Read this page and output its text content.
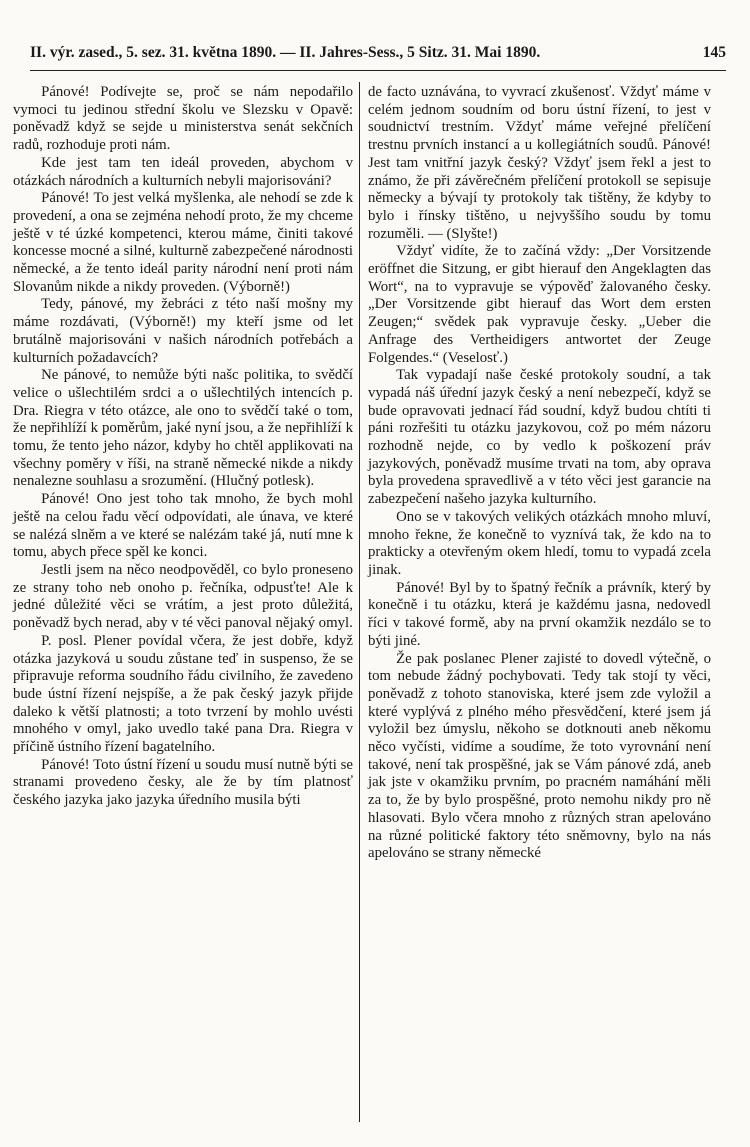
II. výr. zased., 5. sez. 31. května 1890. — II. Jahres-Sess., 5 Sitz. 31. Mai 1890.	145

Pánové! Podívejte se, proč se nám nepodařilo vymoci tu jedinou střední školu ve Slezsku v Opavě: poněvadž když se sejde u ministerstva senát sekčních radů, rozhoduje proti nám.

Kde jest tam ten ideál proveden, abychom v otázkách národních a kulturních nebyli majorisováni?

Pánové! To jest velká myšlenka, ale nehodí se zde k provedení, a ona se zejména nehodí proto, že my chceme ještě v té úzké kompetenci, kterou máme, činiti takové koncesse mocné a silné, kulturně zabezpečené národnosti německé, a že tento ideál parity národní není proti nám Slovanům nikde a nikdy proveden. (Výborně!)

Tedy, pánové, my žebráci z této naší mošny my máme rozdávati, (Výborně!) my kteří jsme od let brutálně majorisováni v našich národních potřebách a kulturních požadavcích?

Ne pánové, to nemůže býti našc politika, to svědčí velice o ušlechtilém srdci a o ušlechtilých intencích p. Dra. Riegra v této otázce, ale ono to svědčí také o tom, že nepřihlíží k poměrům, jaké nyní jsou, a že nepřihlíží k tomu, že tento jeho názor, kdyby ho chtěl applikovati na všechny poměry v říši, na straně německé nikde a nikdy nenalezne souhlasu a srozumění. (Hlučný potlesk).

Pánové! Ono jest toho tak mnoho, že bych mohl ještě na celou řadu věcí odpovídati, ale únava, ve které se nalézá slněm a ve které se nalézám také já, nutí mne k tomu, abych přece spěl ke konci.

Jestli jsem na něco neodpověděl, co bylo proneseno ze strany toho neb onoho p. řečníka, odpusťte! Ale k jedné důležité věci se vrátím, a jest proto důležitá, poněvadž bych nerad, aby v té věci panoval nějaký omyl.

P. posl. Plener povídal včera, že jest dobře, když otázka jazyková u soudu zůstane teď in suspenso, že se připravuje reforma soudního řádu civilního, že zavedeno bude ústní řízení nejspíše, a že pak český jazyk přijde daleko k větší platnosti; a toto tvrzení by mohlo uvésti mnohého v omyl, jako uvedlo také pana Dra. Riegra v příčině ústního řízení bagatelního.

Pánové! Toto ústní řízení u soudu musí nutně býti se stranami provedeno česky, ale že by tím platnosť českého jazyka jako jazyka úředního musila býti

de facto uznávána, to vyvrací zkušenosť. Vždyť máme v celém jednom soudním od boru ústní řízení, to jest v soudnictví trestním. Vždyť máme veřejné přelíčení trestnu prvních instancí a u kollegiátních soudů. Pánové! Jest tam vnitřní jazyk český? Vždyť jsem řekl a jest to známo, že při závěrečném přelíčení protokoll se sepisuje německy a bývají ty protokoly tak tištěny, že kdyby to bylo i řínsky tištěno, u nejvyššího soudu by tomu rozuměli. — (Slyšte!)

Vždyť vidíte, že to začíná vždy: „Der Vorsitzende eröffnet die Sitzung, er gibt hierauf den Angeklagten das Wort“, na to vypravuje se výpověď žalovaného česky. „Der Vorsitzende gibt hierauf das Wort dem ersten Zeugen;“ svědek pak vypravuje česky. „Ueber die Anfrage des Vertheidigers antwortet der Zeuge Folgendes.“ (Veselosť.)

Tak vypadají naše české protokoly soudní, a tak vypadá náš úřední jazyk český a není nebezpečí, když se bude opravovati jednací řád soudní, když budou chtíti ti páni rozřešiti tu otázku jazykovou, což po mém názoru rozhodně nejde, co by vedlo k poškození práv jazykových, poněvadž musíme trvati na tom, aby oprava byla provedena spravedlivě a v této věci jest garancie na zabezpečení našeho jazyka kulturního.

Ono se v takových velikých otázkách mnoho mluví, mnoho řekne, že konečně to vyznívá tak, že kdo na to prakticky a otevřeným okem hledí, tomu to vypadá zcela jinak.

Pánové! Byl by to špatný řečník a právník, který by konečně i tu otázku, která je každému jasna, nedovedl říci v takové formě, aby na první okamžik nezdálo se to býti jiné.

Že pak poslanec Plener zajisté to dovedl výtečně, o tom nebude žádný pochybovati. Tedy tak stojí ty věci, poněvadž z tohoto stanoviska, které jsem zde vyložil a které vyplývá z plného mého přesvědčení, které jsem já vyložil bez úmyslu, někoho se dotknouti aneb někomu něco vyčísti, vidíme a soudíme, že toto vyrovnání není takové, není tak prospěšné, jak se Vám pánové zdá, aneb jak jste v okamžiku prvním, po pracném namáhání měli za to, že by bylo prospěšné, proto nemohu nikdy pro ně hlasovati. Bylo včera mnoho z různých stran apelováno na různé politické faktory této sněmovny, bylo na nás apelováno se strany německé
